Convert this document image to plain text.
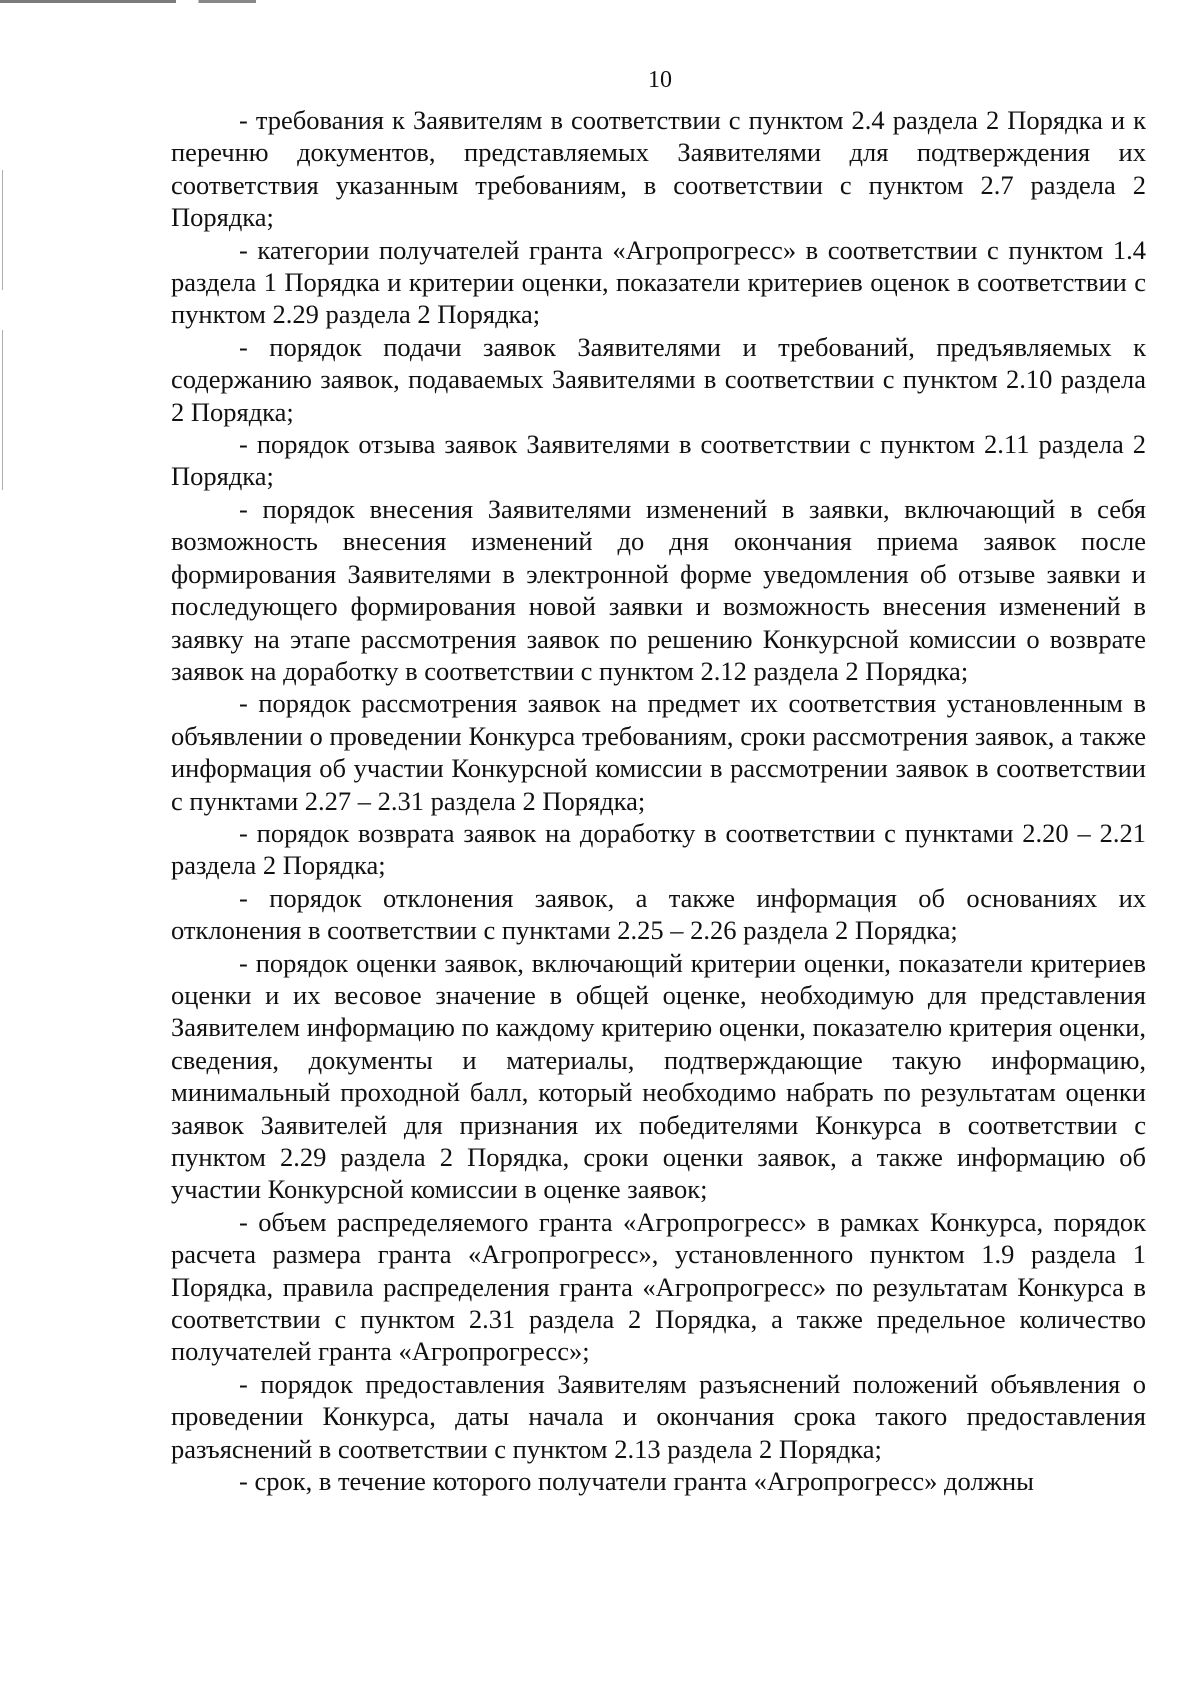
10

- требования к Заявителям в соответствии с пунктом 2.4 раздела 2 Порядка и к перечню документов, представляемых Заявителями для подтверждения их соответствия указанным требованиям, в соответствии с пунктом 2.7 раздела 2 Порядка;

- категории получателей гранта «Агропрогресс» в соответствии с пунктом 1.4 раздела 1 Порядка и критерии оценки, показатели критериев оценок в соответствии с пунктом 2.29 раздела 2 Порядка;

- порядок подачи заявок Заявителями и требований, предъявляемых к содержанию заявок, подаваемых Заявителями в соответствии с пунктом 2.10 раздела 2 Порядка;

- порядок отзыва заявок Заявителями в соответствии с пунктом 2.11 раздела 2 Порядка;

- порядок внесения Заявителями изменений в заявки, включающий в себя возможность внесения изменений до дня окончания приема заявок после формирования Заявителями в электронной форме уведомления об отзыве заявки и последующего формирования новой заявки и возможность внесения изменений в заявку на этапе рассмотрения заявок по решению Конкурсной комиссии о возврате заявок на доработку в соответствии с пунктом 2.12 раздела 2 Порядка;

- порядок рассмотрения заявок на предмет их соответствия установленным в объявлении о проведении Конкурса требованиям, сроки рассмотрения заявок, а также информация об участии Конкурсной комиссии в рассмотрении заявок в соответствии с пунктами 2.27 – 2.31 раздела 2 Порядка;

- порядок возврата заявок на доработку в соответствии с пунктами 2.20 – 2.21 раздела 2 Порядка;

- порядок отклонения заявок, а также информация об основаниях их отклонения в соответствии с пунктами 2.25 – 2.26 раздела 2 Порядка;

- порядок оценки заявок, включающий критерии оценки, показатели критериев оценки и их весовое значение в общей оценке, необходимую для представления Заявителем информацию по каждому критерию оценки, показателю критерия оценки, сведения, документы и материалы, подтверждающие такую информацию, минимальный проходной балл, который необходимо набрать по результатам оценки заявок Заявителей для признания их победителями Конкурса в соответствии с пунктом 2.29 раздела 2 Порядка, сроки оценки заявок, а также информацию об участии Конкурсной комиссии в оценке заявок;

- объем распределяемого гранта «Агропрогресс» в рамках Конкурса, порядок расчета размера гранта «Агропрогресс», установленного пунктом 1.9 раздела 1 Порядка, правила распределения гранта «Агропрогресс» по результатам Конкурса в соответствии с пунктом 2.31 раздела 2 Порядка, а также предельное количество получателей гранта «Агропрогресс»;

- порядок предоставления Заявителям разъяснений положений объявления о проведении Конкурса, даты начала и окончания срока такого предоставления разъяснений в соответствии с пунктом 2.13 раздела 2 Порядка;

- срок, в течение которого получатели гранта «Агропрогресс» должны
